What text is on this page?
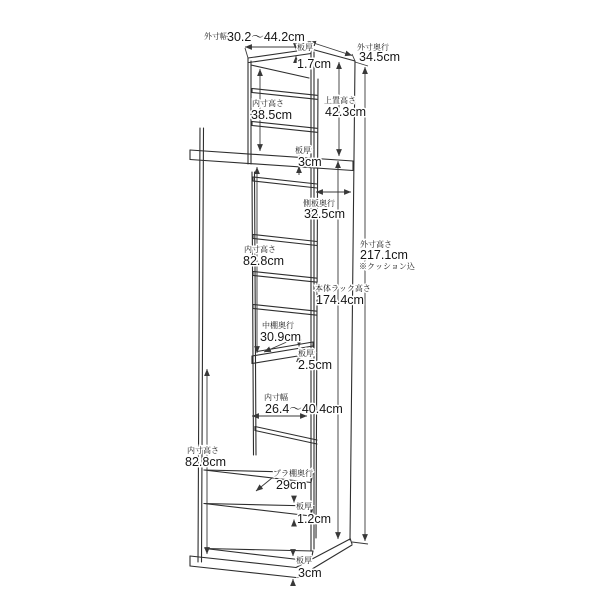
外寸幅 30.2～44.2cm
外寸奥行
34.5cm
板厚
1.7cm
内寸高さ
38.5cm
上置高さ
42.3cm
板厚
3cm
側板奥行
32.5cm
内寸高さ
82.8cm
外寸高さ
217.1cm
※クッション込
本体ラック高さ
174.4cm
中棚奥行
30.9cm
板厚
2.5cm
内寸幅
26.4～40.4cm
内寸高さ
82.8cm
プラ棚奥行
29cm
板厚
1.2cm
板厚
3cm
